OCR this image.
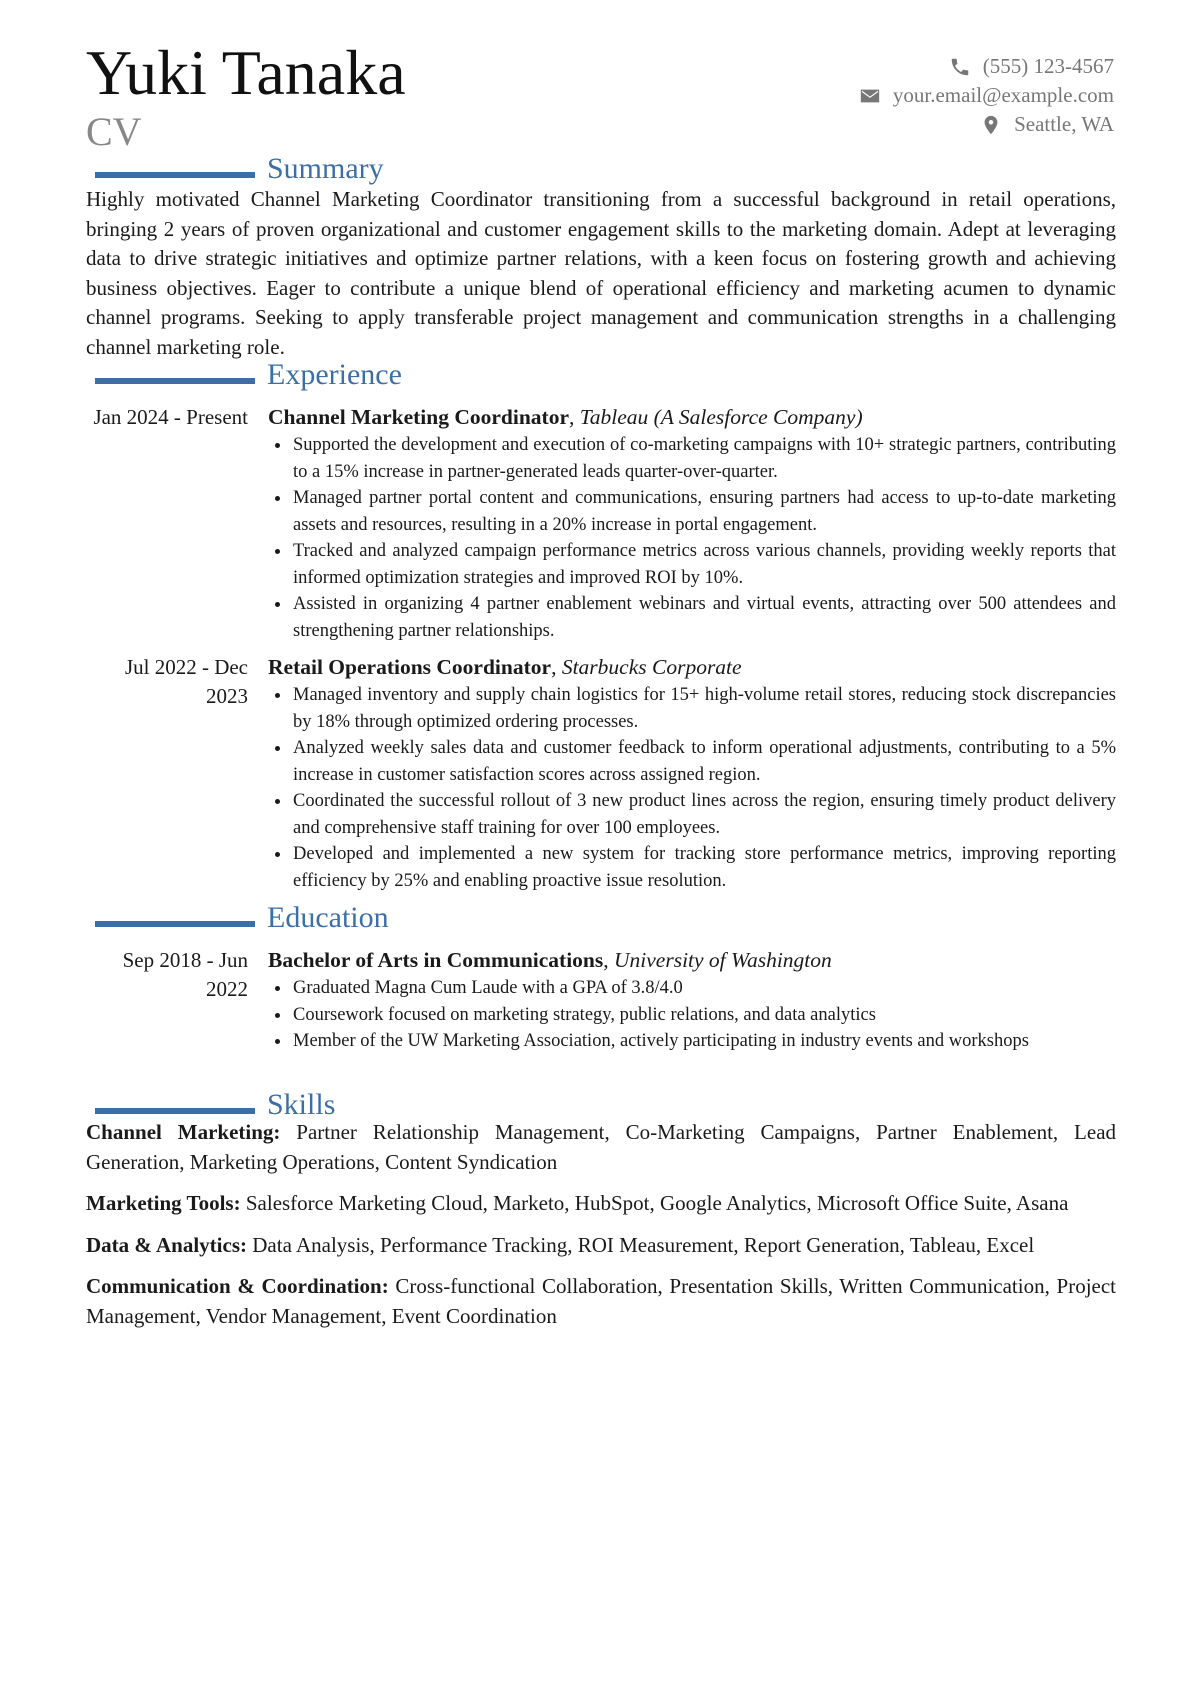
Yuki Tanaka
CV
(555) 123-4567
your.email@example.com
Seattle, WA
Summary

Highly motivated Channel Marketing Coordinator transitioning from a successful background in retail operations, bringing 2 years of proven organizational and customer engagement skills to the marketing domain. Adept at leveraging data to drive strategic initiatives and optimize partner relations, with a keen focus on fostering growth and achieving business objectives. Eager to contribute a unique blend of operational efficiency and marketing acumen to dynamic channel programs. Seeking to apply transferable project management and communication strengths in a challenging channel marketing role.

Experience
Jan 2024 - Present Channel Marketing Coordinator, Tableau (A Salesforce Company)
Supported the development and execution of co-marketing campaigns with 10+ strategic partners, contributing to a 15% increase in partner-generated leads quarter-over-quarter.
Managed partner portal content and communications, ensuring partners had access to up-to-date marketing assets and resources, resulting in a 20% increase in portal engagement.
Tracked and analyzed campaign performance metrics across various channels, providing weekly reports that informed optimization strategies and improved ROI by 10%.
Assisted in organizing 4 partner enablement webinars and virtual events, attracting over 500 attendees and strengthening partner relationships.
Jul 2022 - Dec 2023
Retail Operations Coordinator, Starbucks Corporate
Managed inventory and supply chain logistics for 15+ high-volume retail stores, reducing stock discrepancies by 18% through optimized ordering processes.
Analyzed weekly sales data and customer feedback to inform operational adjustments, contributing to a 5% increase in customer satisfaction scores across assigned region.
Coordinated the successful rollout of 3 new product lines across the region, ensuring timely product delivery and comprehensive staff training for over 100 employees.
Developed and implemented a new system for tracking store performance metrics, improving reporting efficiency by 25% and enabling proactive issue resolution.
Education
Sep 2018 - Jun 2022
Bachelor of Arts in Communications, University of Washington
Graduated Magna Cum Laude with a GPA of 3.8/4.0
Coursework focused on marketing strategy, public relations, and data analytics
Member of the UW Marketing Association, actively participating in industry events and workshops
Skills
Channel Marketing: Partner Relationship Management, Co-Marketing Campaigns, Partner Enablement, Lead Generation, Marketing Operations, Content Syndication
Marketing Tools: Salesforce Marketing Cloud, Marketo, HubSpot, Google Analytics, Microsoft Office Suite, Asana
Data & Analytics: Data Analysis, Performance Tracking, ROI Measurement, Report Generation, Tableau, Excel
Communication & Coordination: Cross-functional Collaboration, Presentation Skills, Written Communication, Project Management, Vendor Management, Event Coordination
